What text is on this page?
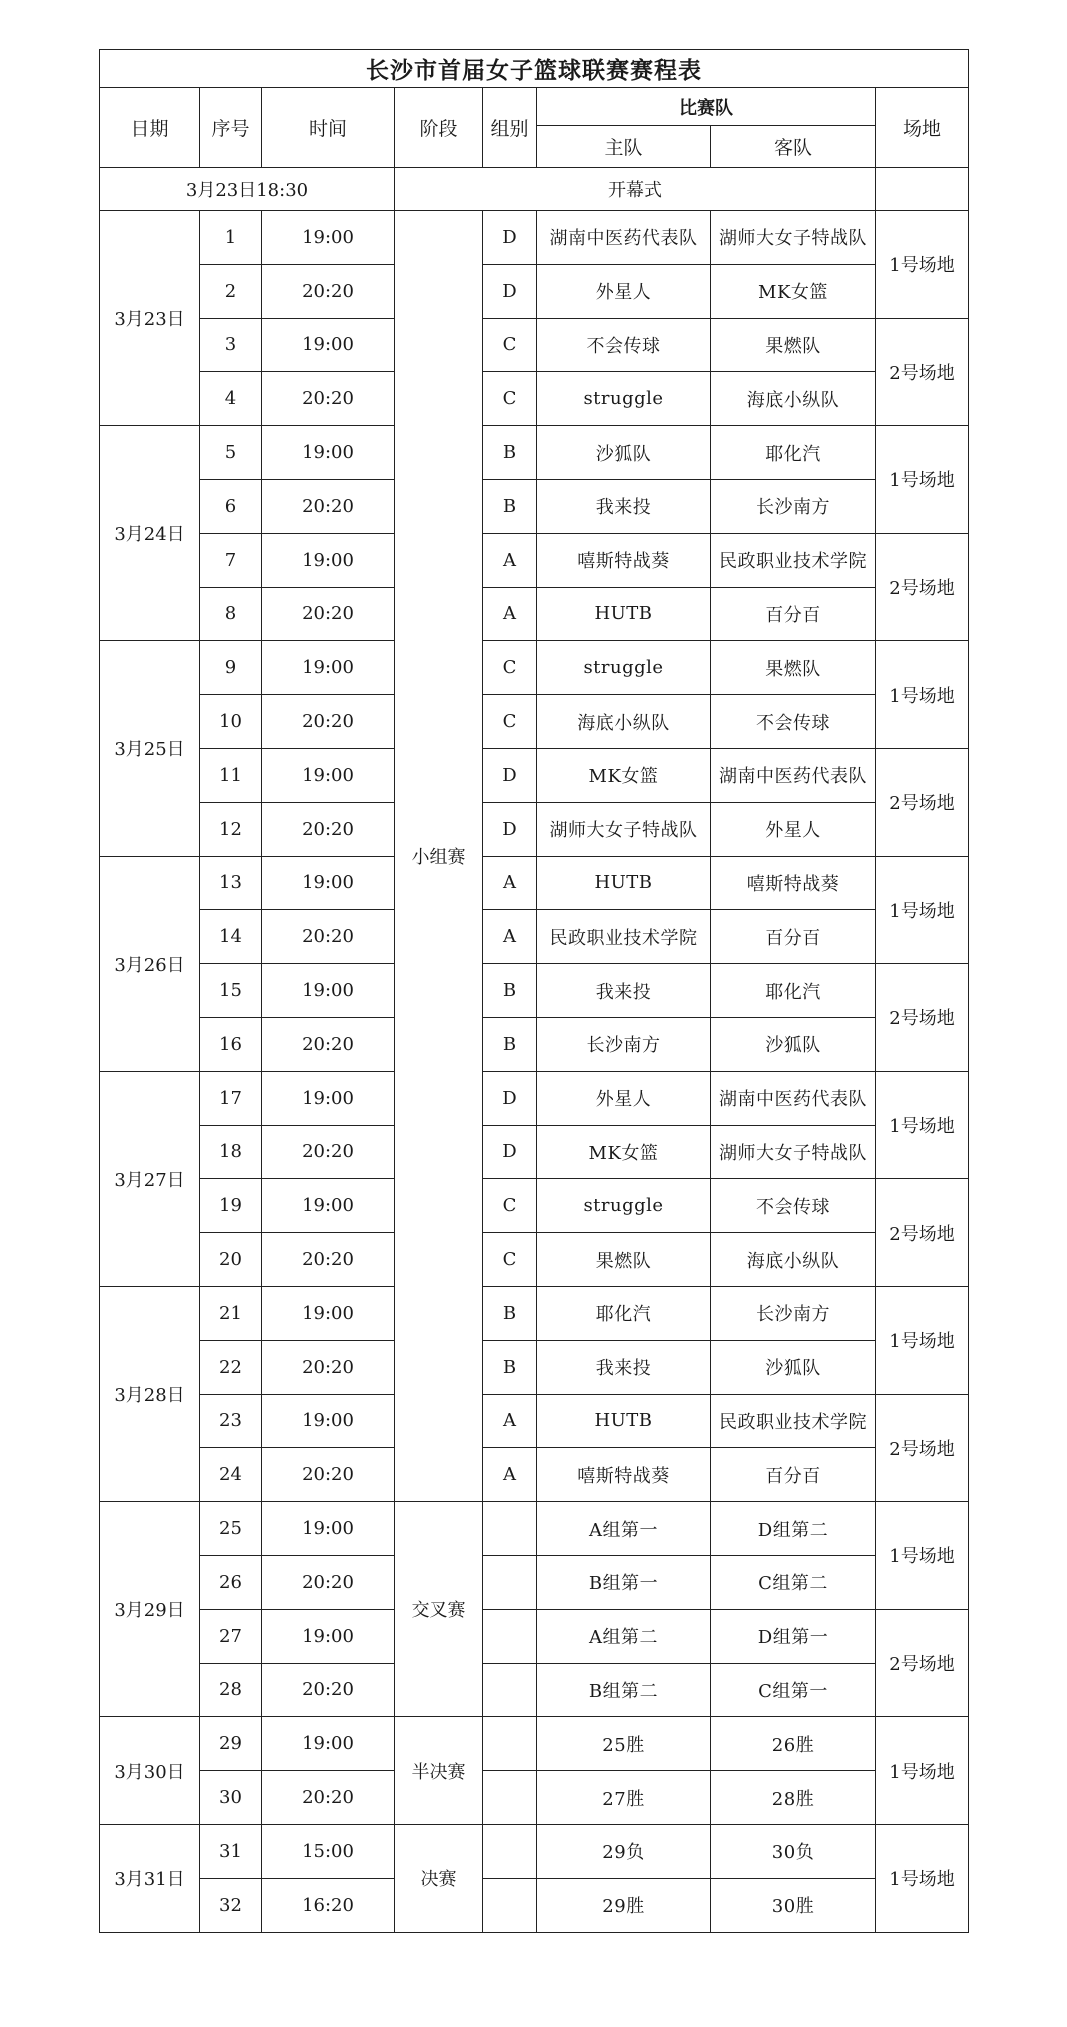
长沙市首届女子篮球联赛赛程表							
日期	序号	时间	阶段	组别	比赛队		场地
					主队	客队	
3月23日18:30			开幕式				
3月23日	1	19:00	小组赛	D	湖南中医药代表队	湖师大女子特战队	1号场地
	2	20:20		D	外星人	MK女篮	
	3	19:00		C	不会传球	果燃队	2号场地
	4	20:20		C	struggle	海底小纵队	
3月24日	5	19:00		B	沙狐队	耶化汽	1号场地
	6	20:20		B	我来投	长沙南方	
	7	19:00		A	嘻斯特战葵	民政职业技术学院	2号场地
	8	20:20		A	HUTB	百分百	
3月25日	9	19:00		C	struggle	果燃队	1号场地
	10	20:20		C	海底小纵队	不会传球	
	11	19:00		D	MK女篮	湖南中医药代表队	2号场地
	12	20:20		D	湖师大女子特战队	外星人	
3月26日	13	19:00		A	HUTB	嘻斯特战葵	1号场地
	14	20:20		A	民政职业技术学院	百分百	
	15	19:00		B	我来投	耶化汽	2号场地
	16	20:20		B	长沙南方	沙狐队	
3月27日	17	19:00		D	外星人	湖南中医药代表队	1号场地
	18	20:20		D	MK女篮	湖师大女子特战队	
	19	19:00		C	struggle	不会传球	2号场地
	20	20:20		C	果燃队	海底小纵队	
3月28日	21	19:00		B	耶化汽	长沙南方	1号场地
	22	20:20		B	我来投	沙狐队	
	23	19:00		A	HUTB	民政职业技术学院	2号场地
	24	20:20		A	嘻斯特战葵	百分百	
3月29日	25	19:00	交叉赛		A组第一	D组第二	1号场地
	26	20:20			B组第一	C组第二	
	27	19:00			A组第二	D组第一	2号场地
	28	20:20			B组第二	C组第一	
3月30日	29	19:00	半决赛		25胜	26胜	1号场地
	30	20:20			27胜	28胜	
3月31日	31	15:00	决赛		29负	30负	1号场地
	32	16:20			29胜	30胜	
